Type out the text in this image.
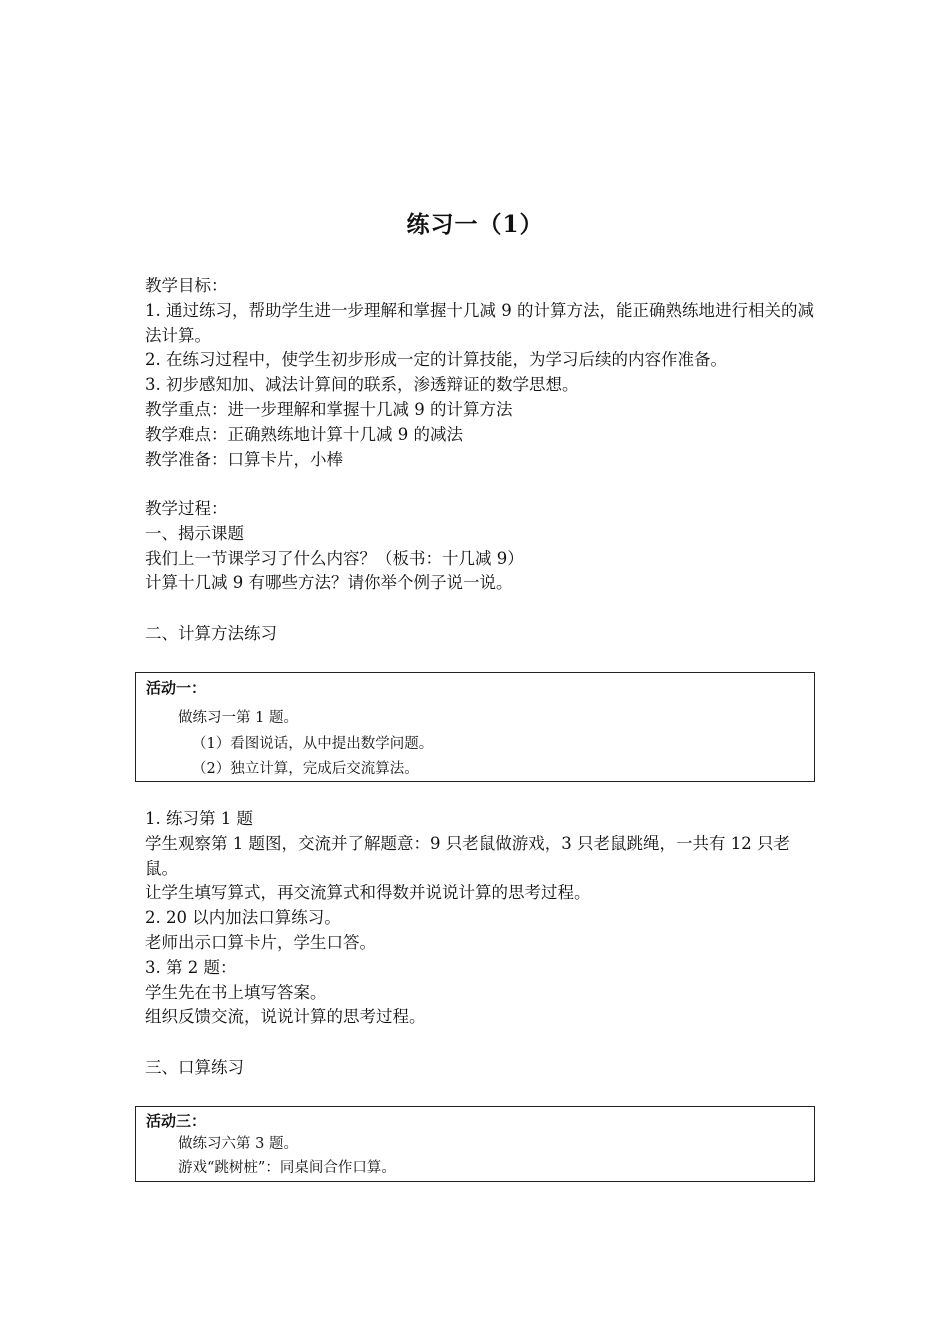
练习一（1）

教学目标：

1. 通过练习，帮助学生进一步理解和掌握十几减 9 的计算方法，能正确熟练地进行相关的减法计算。

2. 在练习过程中，使学生初步形成一定的计算技能，为学习后续的内容作准备。

3. 初步感知加、减法计算间的联系，渗透辩证的数学思想。

教学重点：进一步理解和掌握十几减 9 的计算方法

教学难点：正确熟练地计算十几减 9 的减法

教学准备：口算卡片，小棒

教学过程：

一、揭示课题

我们上一节课学习了什么内容？（板书：十几减 9）

计算十几减 9 有哪些方法？请你举个例子说一说。

二、计算方法练习

活动一：
做练习一第 1 题。
（1）看图说话，从中提出数学问题。
（2）独立计算，完成后交流算法。

1. 练习第 1 题

学生观察第 1 题图，交流并了解题意：9 只老鼠做游戏，3 只老鼠跳绳，一共有 12 只老鼠。

让学生填写算式，再交流算式和得数并说说计算的思考过程。

2. 20 以内加法口算练习。

老师出示口算卡片，学生口答。

3. 第 2 题：

学生先在书上填写答案。

组织反馈交流，说说计算的思考过程。

三、口算练习

活动三：
做练习六第 3 题。
游戏“跳树桩”：同桌间合作口算。
